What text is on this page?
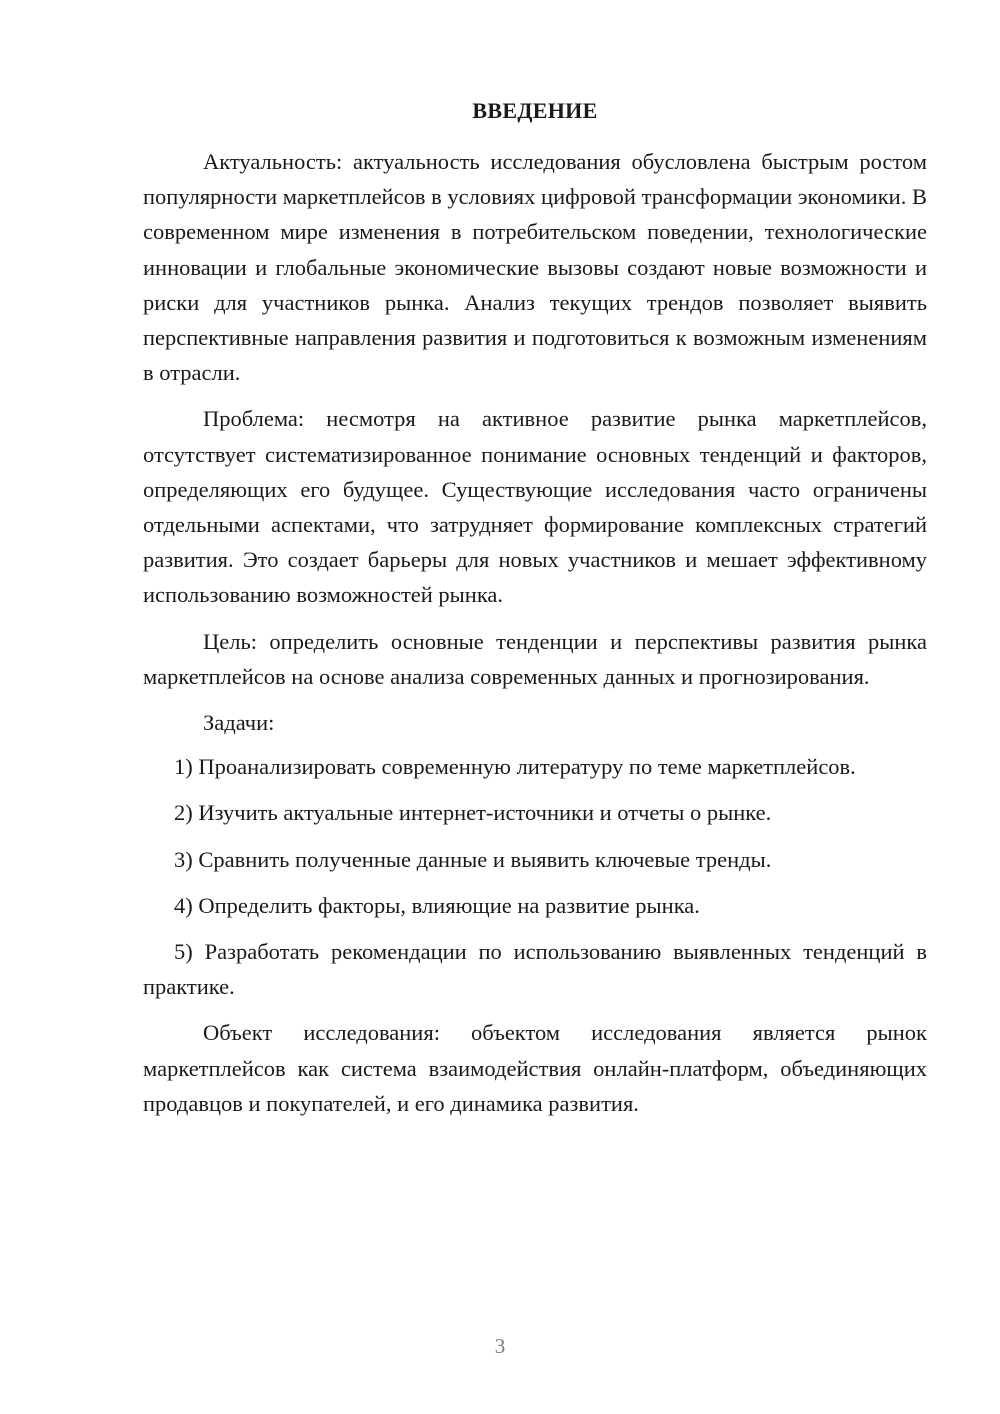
ВВЕДЕНИЕ

Актуальность: актуальность исследования обусловлена быстрым ростом популярности маркетплейсов в условиях цифровой трансформации экономики. В современном мире изменения в потребительском поведении, технологические инновации и глобальные экономические вызовы создают новые возможности и риски для участников рынка. Анализ текущих трендов позволяет выявить перспективные направления развития и подготовиться к возможным изменениям в отрасли.

Проблема: несмотря на активное развитие рынка маркетплейсов, отсутствует систематизированное понимание основных тенденций и факторов, определяющих его будущее. Существующие исследования часто ограничены отдельными аспектами, что затрудняет формирование комплексных стратегий развития. Это создает барьеры для новых участников и мешает эффективному использованию возможностей рынка.

Цель: определить основные тенденции и перспективы развития рынка маркетплейсов на основе анализа современных данных и прогнозирования.

Задачи:

1) Проанализировать современную литературу по теме маркетплейсов.

2) Изучить актуальные интернет-источники и отчеты о рынке.

3) Сравнить полученные данные и выявить ключевые тренды.

4) Определить факторы, влияющие на развитие рынка.

5) Разработать рекомендации по использованию выявленных тенденций в практике.

Объект исследования: объектом исследования является рынок маркетплейсов как система взаимодействия онлайн-платформ, объединяющих продавцов и покупателей, и его динамика развития.

3
